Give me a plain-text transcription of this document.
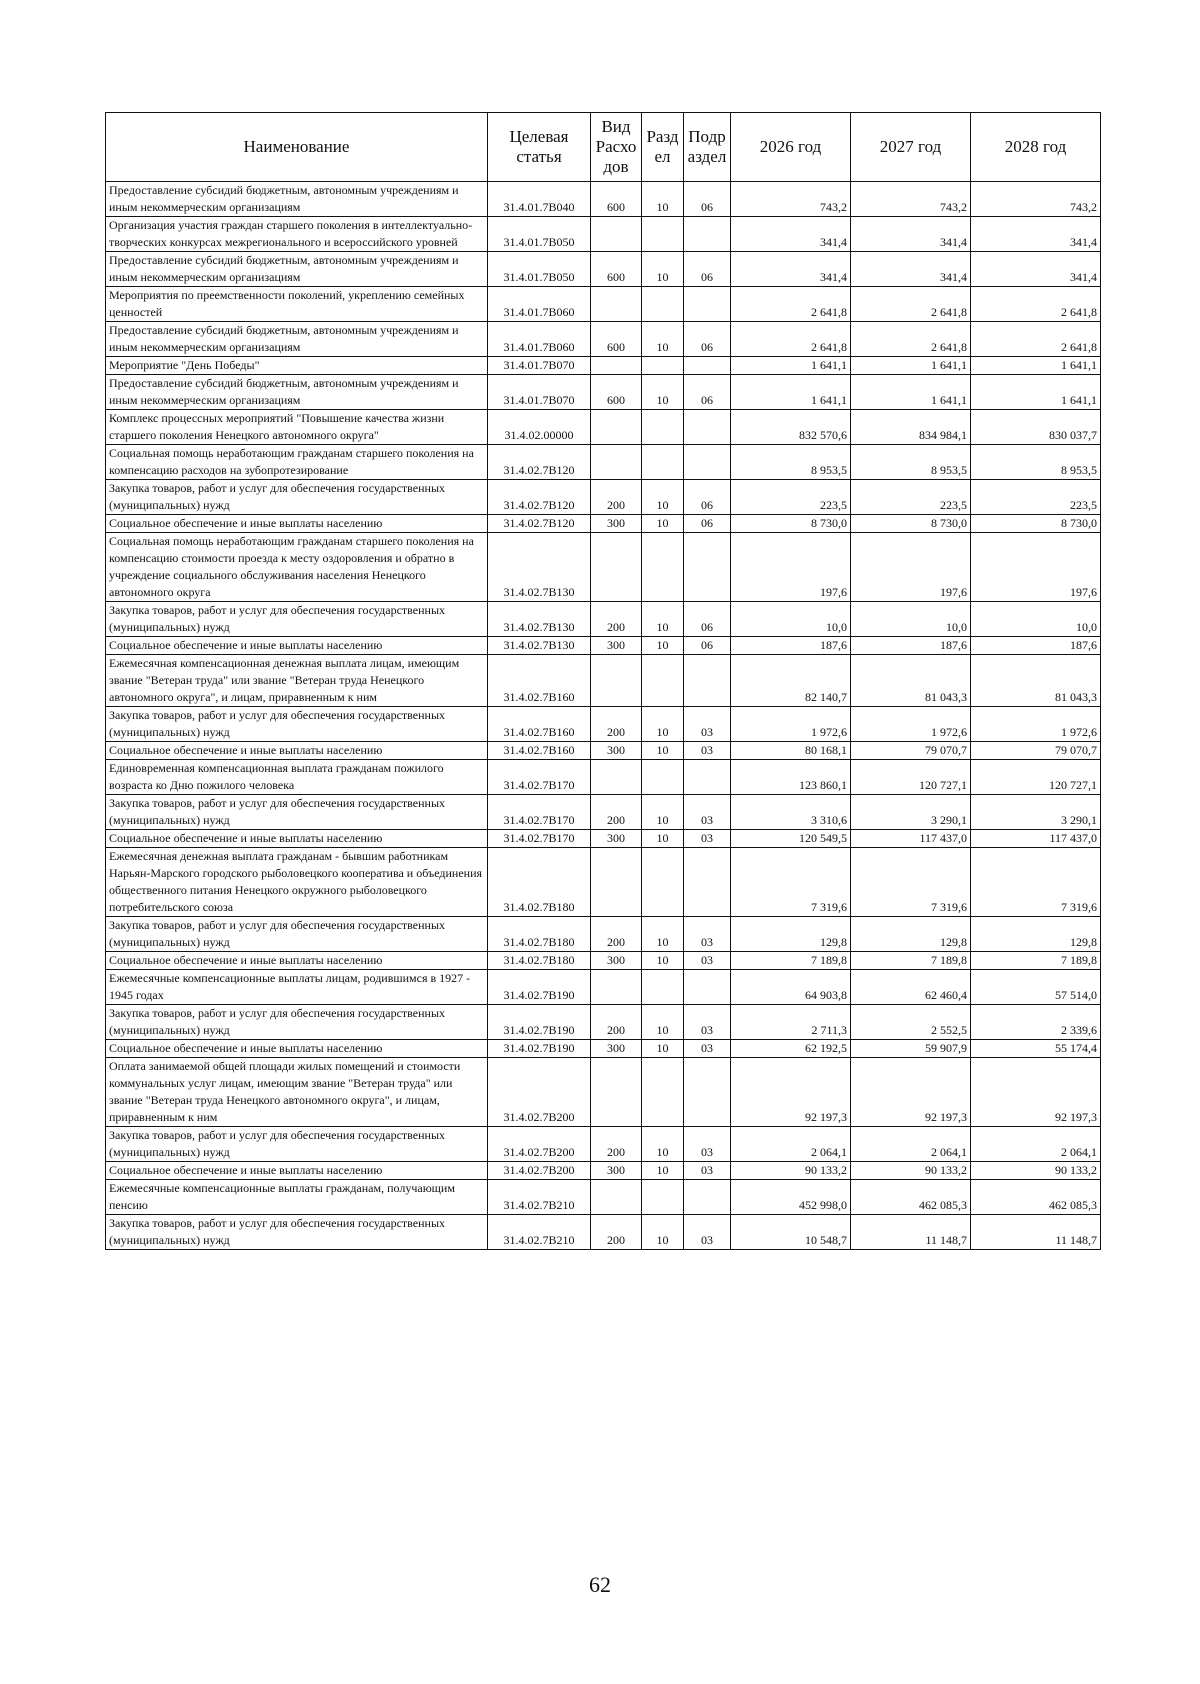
Наименование	Целевая статья	Вид Расхо дов	Разд ел	Подр аздел	2026 год	2027 год	2028 год
Предоставление субсидий бюджетным, автономным учреждениям и иным некоммерческим организациям	31.4.01.7В040	600	10	06	743,2	743,2	743,2
Организация участия граждан старшего поколения в интеллектуально-творческих конкурсах межрегионального и всероссийского уровней	31.4.01.7В050				341,4	341,4	341,4
Предоставление субсидий бюджетным, автономным учреждениям и иным некоммерческим организациям	31.4.01.7В050	600	10	06	341,4	341,4	341,4
Мероприятия по преемственности поколений, укреплению семейных ценностей	31.4.01.7В060				2 641,8	2 641,8	2 641,8
Предоставление субсидий бюджетным, автономным учреждениям и иным некоммерческим организациям	31.4.01.7В060	600	10	06	2 641,8	2 641,8	2 641,8
Мероприятие "День Победы"	31.4.01.7В070				1 641,1	1 641,1	1 641,1
Предоставление субсидий бюджетным, автономным учреждениям и иным некоммерческим организациям	31.4.01.7В070	600	10	06	1 641,1	1 641,1	1 641,1
Комплекс процессных мероприятий "Повышение качества жизни старшего поколения Ненецкого автономного округа"	31.4.02.00000				832 570,6	834 984,1	830 037,7
Социальная помощь неработающим гражданам старшего поколения на компенсацию расходов на зубопротезирование	31.4.02.7В120				8 953,5	8 953,5	8 953,5
Закупка товаров, работ и услуг для обеспечения государственных (муниципальных) нужд	31.4.02.7В120	200	10	06	223,5	223,5	223,5
Социальное обеспечение и иные выплаты населению	31.4.02.7В120	300	10	06	8 730,0	8 730,0	8 730,0
Социальная помощь неработающим гражданам старшего поколения на компенсацию стоимости проезда к месту оздоровления и обратно в учреждение социального обслуживания населения Ненецкого автономного округа	31.4.02.7В130				197,6	197,6	197,6
Закупка товаров, работ и услуг для обеспечения государственных (муниципальных) нужд	31.4.02.7В130	200	10	06	10,0	10,0	10,0
Социальное обеспечение и иные выплаты населению	31.4.02.7В130	300	10	06	187,6	187,6	187,6
Ежемесячная компенсационная денежная выплата лицам, имеющим звание "Ветеран труда" или звание "Ветеран труда Ненецкого автономного округа", и лицам, приравненным к ним	31.4.02.7В160				82 140,7	81 043,3	81 043,3
Закупка товаров, работ и услуг для обеспечения государственных (муниципальных) нужд	31.4.02.7В160	200	10	03	1 972,6	1 972,6	1 972,6
Социальное обеспечение и иные выплаты населению	31.4.02.7В160	300	10	03	80 168,1	79 070,7	79 070,7
Единовременная компенсационная выплата гражданам пожилого возраста ко Дню пожилого человека	31.4.02.7В170				123 860,1	120 727,1	120 727,1
Закупка товаров, работ и услуг для обеспечения государственных (муниципальных) нужд	31.4.02.7В170	200	10	03	3 310,6	3 290,1	3 290,1
Социальное обеспечение и иные выплаты населению	31.4.02.7В170	300	10	03	120 549,5	117 437,0	117 437,0
Ежемесячная денежная выплата гражданам - бывшим работникам Нарьян-Марского городского рыболовецкого кооператива и объединения общественного питания Ненецкого окружного рыболовецкого потребительского союза	31.4.02.7В180				7 319,6	7 319,6	7 319,6
Закупка товаров, работ и услуг для обеспечения государственных (муниципальных) нужд	31.4.02.7В180	200	10	03	129,8	129,8	129,8
Социальное обеспечение и иные выплаты населению	31.4.02.7В180	300	10	03	7 189,8	7 189,8	7 189,8
Ежемесячные компенсационные выплаты лицам, родившимся в 1927 - 1945 годах	31.4.02.7В190				64 903,8	62 460,4	57 514,0
Закупка товаров, работ и услуг для обеспечения государственных (муниципальных) нужд	31.4.02.7В190	200	10	03	2 711,3	2 552,5	2 339,6
Социальное обеспечение и иные выплаты населению	31.4.02.7В190	300	10	03	62 192,5	59 907,9	55 174,4
Оплата занимаемой общей площади жилых помещений и стоимости коммунальных услуг лицам, имеющим звание "Ветеран труда" или звание "Ветеран труда Ненецкого автономного округа", и лицам, приравненным к ним	31.4.02.7В200				92 197,3	92 197,3	92 197,3
Закупка товаров, работ и услуг для обеспечения государственных (муниципальных) нужд	31.4.02.7В200	200	10	03	2 064,1	2 064,1	2 064,1
Социальное обеспечение и иные выплаты населению	31.4.02.7В200	300	10	03	90 133,2	90 133,2	90 133,2
Ежемесячные компенсационные выплаты гражданам, получающим пенсию	31.4.02.7В210				452 998,0	462 085,3	462 085,3
Закупка товаров, работ и услуг для обеспечения государственных (муниципальных) нужд	31.4.02.7В210	200	10	03	10 548,7	11 148,7	11 148,7
62
